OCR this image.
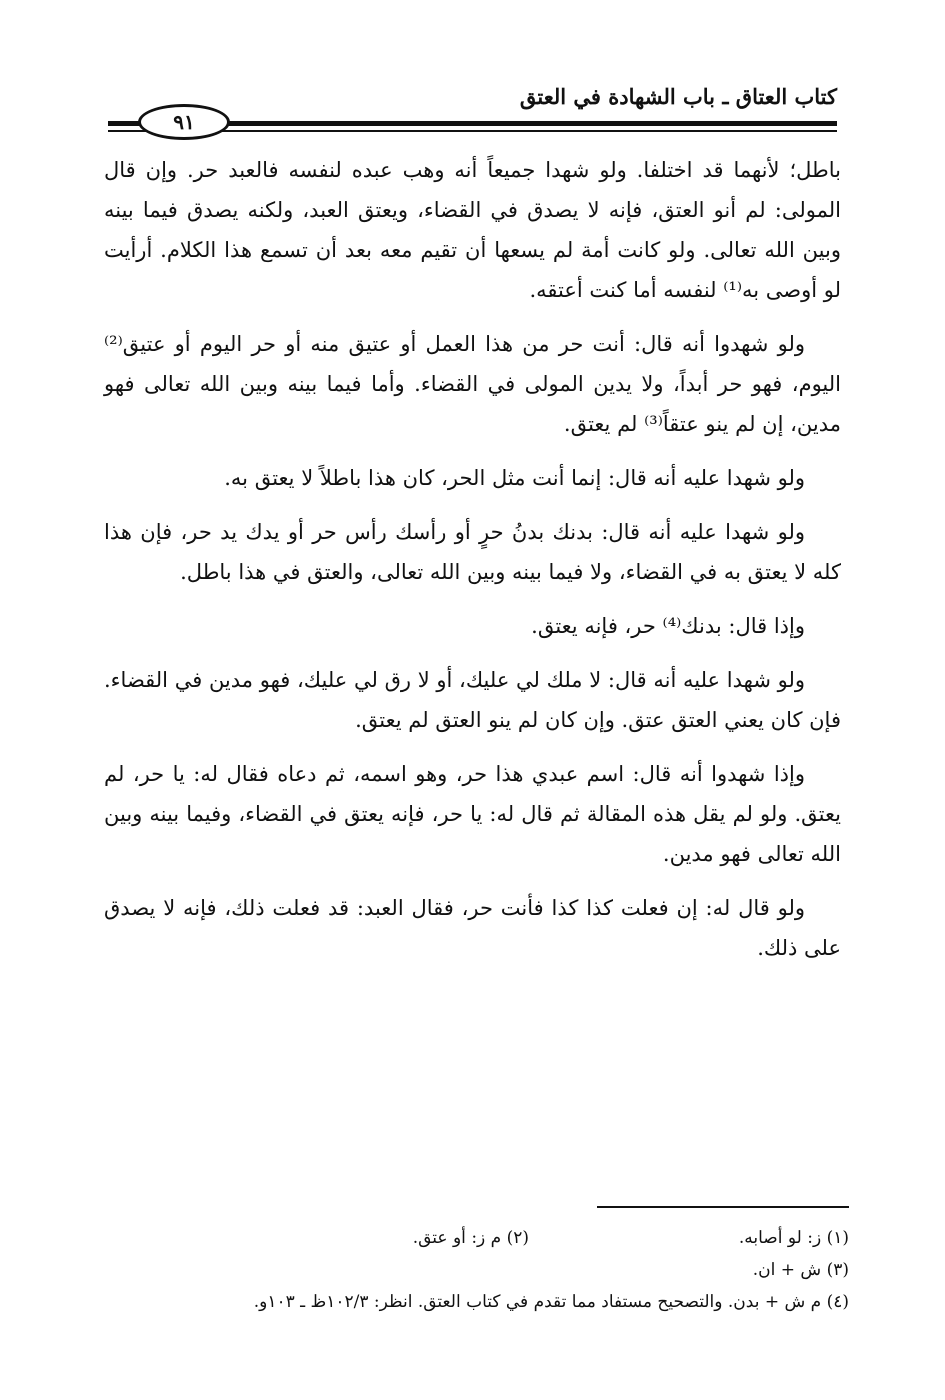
كتاب العتاق ـ باب الشهادة في العتق
٩١

باطل؛ لأنهما قد اختلفا. ولو شهدا جميعاً أنه وهب عبده لنفسه فالعبد حر. وإن قال المولى: لم أنو العتق، فإنه لا يصدق في القضاء، ويعتق العبد، ولكنه يصدق فيما بينه وبين الله تعالى. ولو كانت أمة لم يسعها أن تقيم معه بعد أن تسمع هذا الكلام. أرأيت لو أوصى به⁽¹⁾ لنفسه أما كنت أعتقه.

ولو شهدوا أنه قال: أنت حر من هذا العمل أو عتيق منه أو حر اليوم أو عتيق⁽²⁾ اليوم، فهو حر أبداً، ولا يدين المولى في القضاء. وأما فيما بينه وبين الله تعالى فهو مدين، إن لم ينو عتقاً⁽³⁾ لم يعتق.

ولو شهدا عليه أنه قال: إنما أنت مثل الحر، كان هذا باطلاً لا يعتق به.

ولو شهدا عليه أنه قال: بدنك بدنُ حرٍ أو رأسك رأس حر أو يدك يد حر، فإن هذا كله لا يعتق به في القضاء، ولا فيما بينه وبين الله تعالى، والعتق في هذا باطل.

وإذا قال: بدنك⁽⁴⁾ حر، فإنه يعتق.

ولو شهدا عليه أنه قال: لا ملك لي عليك، أو لا رق لي عليك، فهو مدين في القضاء. فإن كان يعني العتق عتق. وإن كان لم ينو العتق لم يعتق.

وإذا شهدوا أنه قال: اسم عبدي هذا حر، وهو اسمه، ثم دعاه فقال له: يا حر، لم يعتق. ولو لم يقل هذه المقالة ثم قال له: يا حر، فإنه يعتق في القضاء، وفيما بينه وبين الله تعالى فهو مدين.

ولو قال له: إن فعلت كذا كذا فأنت حر، فقال العبد: قد فعلت ذلك، فإنه لا يصدق على ذلك.

(١) ز: لو أصابه.
(٢) م ز: أو عتق.
(٣) ش + ان.
(٤) م ش + بدن. والتصحيح مستفاد مما تقدم في كتاب العتق. انظر: ١٠٢/٣ظ ـ ١٠٣و.
